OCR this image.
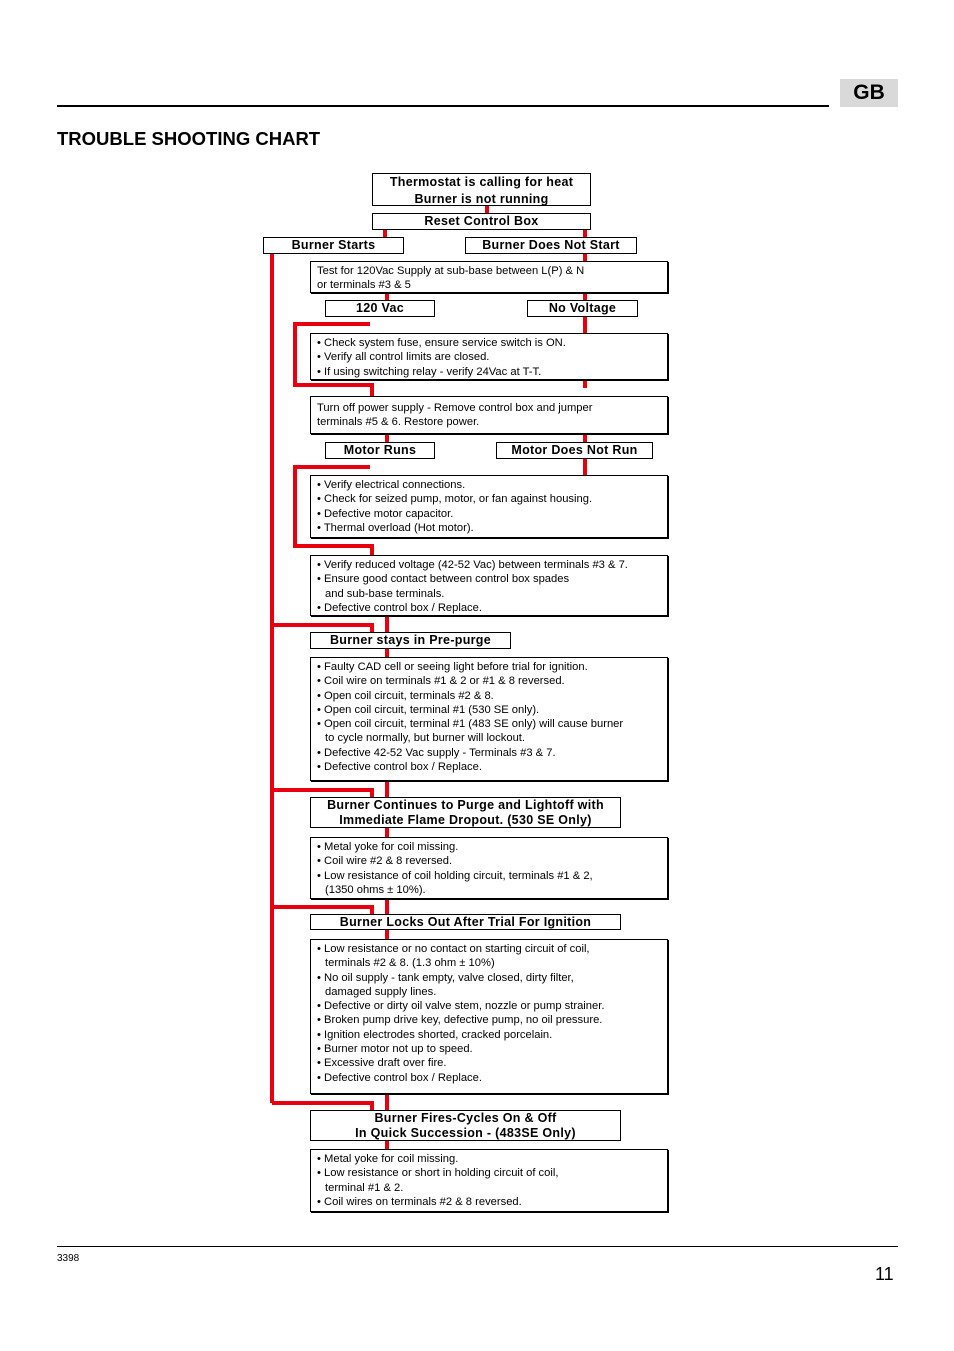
GB
TROUBLE SHOOTING CHART
Thermostat is calling for heat
Burner is not running
Reset Control Box
Burner Starts	Burner Does Not Start
Test for 120Vac Supply at sub-base between L(P) & N
or terminals #3 & 5
120 Vac	No Voltage
• Check system fuse, ensure service switch is ON.
• Verify all control limits are closed.
• If using switching relay - verify 24Vac at T-T.
Turn off power supply - Remove control box and jumper
terminals #5 & 6. Restore power.
Motor Runs	Motor Does Not Run
• Verify electrical connections.
• Check for seized pump, motor, or fan against housing.
• Defective motor capacitor.
• Thermal overload (Hot motor).
• Verify reduced voltage (42-52 Vac) between terminals #3 & 7.
• Ensure good contact between control box spades
and sub-base terminals.
• Defective control box / Replace.
Burner stays in Pre-purge
• Faulty CAD cell or seeing light before trial for ignition.
• Coil wire on terminals #1 & 2 or #1 & 8 reversed.
• Open coil circuit, terminals #2 & 8.
• Open coil circuit, terminal #1 (530 SE only).
• Open coil circuit, terminal #1 (483 SE only) will cause burner
to cycle normally, but burner will lockout.
• Defective 42-52 Vac supply - Terminals #3 & 7.
• Defective control box / Replace.
Burner Continues to Purge and Lightoff with
Immediate Flame Dropout. (530 SE Only)
• Metal yoke for coil missing.
• Coil wire #2 & 8 reversed.
• Low resistance of coil holding circuit, terminals #1 & 2,
(1350 ohms ± 10%).
Burner Locks Out After Trial For Ignition
• Low resistance or no contact on starting circuit of coil,
terminals #2 & 8. (1.3 ohm ± 10%)
• No oil supply - tank empty, valve closed, dirty filter,
damaged supply lines.
• Defective or dirty oil valve stem, nozzle or pump strainer.
• Broken pump drive key, defective pump, no oil pressure.
• Ignition electrodes shorted, cracked porcelain.
• Burner motor not up to speed.
• Excessive draft over fire.
• Defective control box / Replace.
Burner Fires-Cycles On & Off
In Quick Succession - (483SE Only)
• Metal yoke for coil missing.
• Low resistance or short in holding circuit of coil,
terminal #1 & 2.
• Coil wires on terminals #2 & 8 reversed.
3398
11
